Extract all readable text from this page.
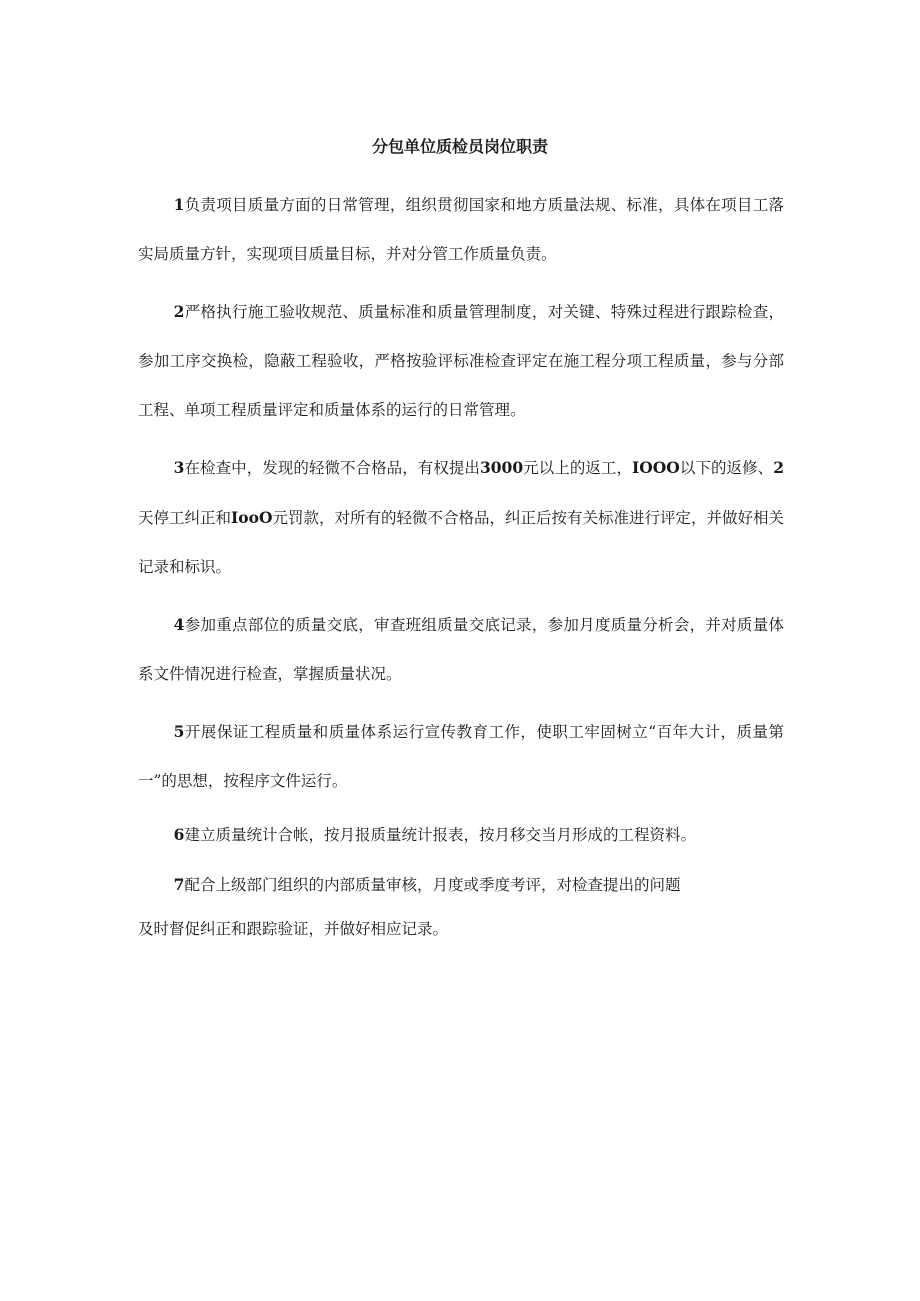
分包单位质检员岗位职责

1负责项目质量方面的日常管理，组织贯彻国家和地方质量法规、标准，具体在项目工落实局质量方针，实现项目质量目标，并对分管工作质量负责。

2严格执行施工验收规范、质量标准和质量管理制度，对关键、特殊过程进行跟踪检查，参加工序交换检，隐蔽工程验收，严格按验评标准检查评定在施工程分项工程质量，参与分部工程、单项工程质量评定和质量体系的运行的日常管理。

3在检查中，发现的轻微不合格品，有权提出3000元以上的返工，IOOO以下的返修、2天停工纠正和IooO元罚款，对所有的轻微不合格品，纠正后按有关标准进行评定，并做好相关记录和标识。

4参加重点部位的质量交底，审查班组质量交底记录，参加月度质量分析会，并对质量体系文件情况进行检查，掌握质量状况。

5开展保证工程质量和质量体系运行宣传教育工作，使职工牢固树立“百年大计，质量第一”的思想，按程序文件运行。

6建立质量统计合帐，按月报质量统计报表，按月移交当月形成的工程资料。

7配合上级部门组织的内部质量审核，月度或季度考评，对检查提出的问题

及时督促纠正和跟踪验证，并做好相应记录。
